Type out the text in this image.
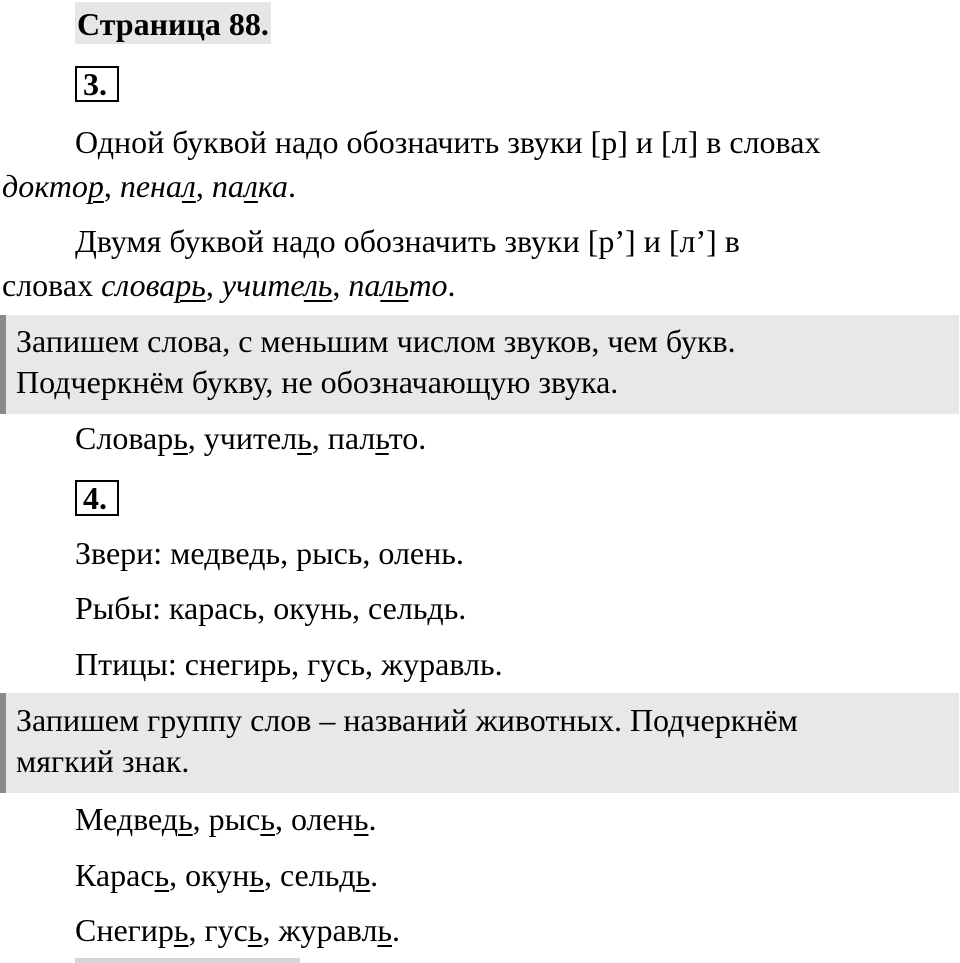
Страница 88.
3.
Одной буквой надо обозначить звуки [р] и [л] в словах
доктор, пенал, палка.
Двумя буквой надо обозначить звуки [р’] и [л’] в
словах словарь, учитель, пальто.
Запишем слова, с меньшим числом звуков, чем букв.
Подчеркнём букву, не обозначающую звука.
Словарь, учитель, пальто.
4.
Звери: медведь, рысь, олень.
Рыбы: карась, окунь, сельдь.
Птицы: снегирь, гусь, журавль.
Запишем группу слов – названий животных. Подчеркнём
мягкий знак.
Медведь, рысь, олень.
Карась, окунь, сельдь.
Снегирь, гусь, журавль.
